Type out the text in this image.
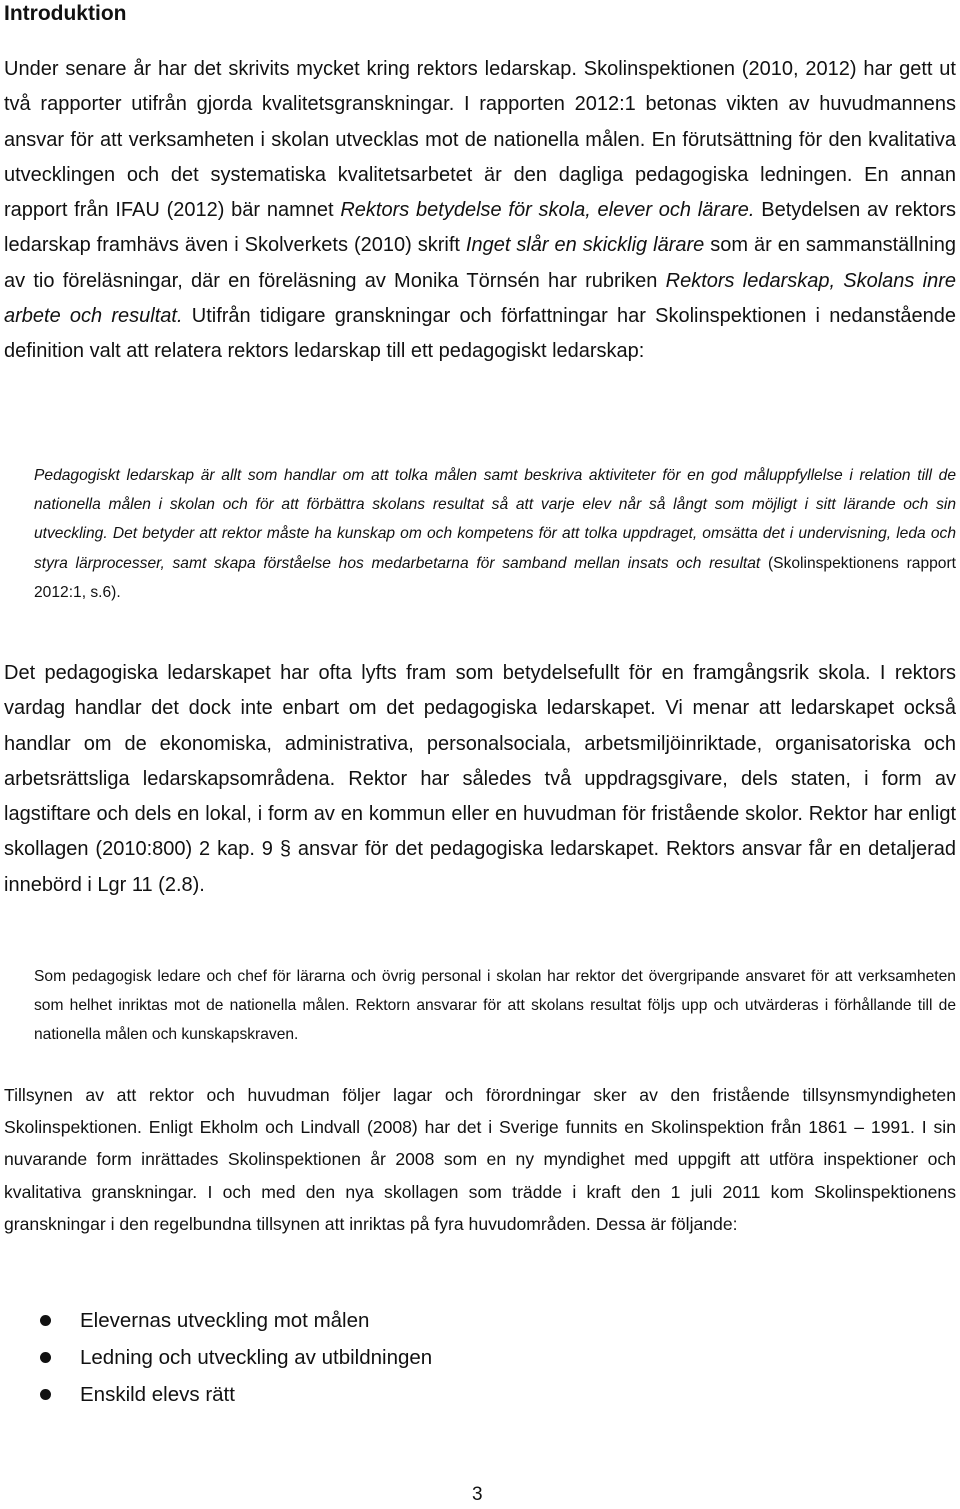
Introduktion

Under senare år har det skrivits mycket kring rektors ledarskap. Skolinspektionen (2010, 2012) har gett ut två rapporter utifrån gjorda kvalitetsgranskningar. I rapporten 2012:1 betonas vikten av huvudmannens ansvar för att verksamheten i skolan utvecklas mot de nationella målen. En förutsättning för den kvalitativa utvecklingen och det systematiska kvalitetsarbetet är den dagliga pedagogiska ledningen. En annan rapport från IFAU (2012) bär namnet Rektors betydelse för skola, elever och lärare. Betydelsen av rektors ledarskap framhävs även i Skolverkets (2010) skrift Inget slår en skicklig lärare som är en sammanställning av tio föreläsningar, där en föreläsning av Monika Törnsén har rubriken Rektors ledarskap, Skolans inre arbete och resultat. Utifrån tidigare granskningar och författningar har Skolinspektionen i nedanstående definition valt att relatera rektors ledarskap till ett pedagogiskt ledarskap:

Pedagogiskt ledarskap är allt som handlar om att tolka målen samt beskriva aktiviteter för en god måluppfyllelse i relation till de nationella målen i skolan och för att förbättra skolans resultat så att varje elev når så långt som möjligt i sitt lärande och sin utveckling. Det betyder att rektor måste ha kunskap om och kompetens för att tolka uppdraget, omsätta det i undervisning, leda och styra lärprocesser, samt skapa förståelse hos medarbetarna för samband mellan insats och resultat (Skolinspektionens rapport 2012:1, s.6).

Det pedagogiska ledarskapet har ofta lyfts fram som betydelsefullt för en framgångsrik skola. I rektors vardag handlar det dock inte enbart om det pedagogiska ledarskapet. Vi menar att ledarskapet också handlar om de ekonomiska, administrativa, personalsociala, arbetsmiljöinriktade, organisatoriska och arbetsrättsliga ledarskapsområdena. Rektor har således två uppdragsgivare, dels staten, i form av lagstiftare och dels en lokal, i form av en kommun eller en huvudman för fristående skolor. Rektor har enligt skollagen (2010:800) 2 kap. 9 § ansvar för det pedagogiska ledarskapet. Rektors ansvar får en detaljerad innebörd i Lgr 11 (2.8).

Som pedagogisk ledare och chef för lärarna och övrig personal i skolan har rektor det övergripande ansvaret för att verksamheten som helhet inriktas mot de nationella målen. Rektorn ansvarar för att skolans resultat följs upp och utvärderas i förhållande till de nationella målen och kunskapskraven.

Tillsynen av att rektor och huvudman följer lagar och förordningar sker av den fristående tillsynsmyndigheten Skolinspektionen. Enligt Ekholm och Lindvall (2008) har det i Sverige funnits en Skolinspektion från 1861 – 1991. I sin nuvarande form inrättades Skolinspektionen år 2008 som en ny myndighet med uppgift att utföra inspektioner och kvalitativa granskningar. I och med den nya skollagen som trädde i kraft den 1 juli 2011 kom Skolinspektionens granskningar i den regelbundna tillsynen att inriktas på fyra huvudområden. Dessa är följande:

Elevernas utveckling mot målen
Ledning och utveckling av utbildningen
Enskild elevs rätt
3
